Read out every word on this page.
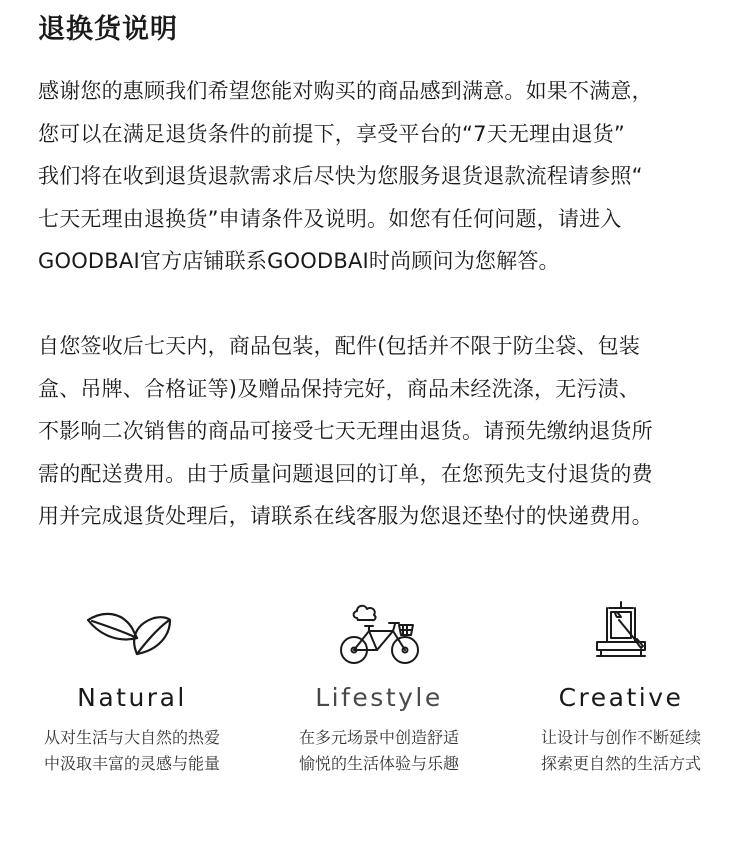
退换货说明
感谢您的惠顾我们希望您能对购买的商品感到满意。如果不满意，
您可以在满足退货条件的前提下，享受平台的“7天无理由退货”
我们将在收到退货退款需求后尽快为您服务退货退款流程请参照“
七天无理由退换货”申请条件及说明。如您有任何问题，请进入
GOODBAI官方店铺联系GOODBAI时尚顾问为您解答。
自您签收后七天内，商品包装，配件(包括并不限于防尘袋、包装
盒、吊牌、合格证等)及赠品保持完好，商品未经洗涤，无污渍、
不影响二次销售的商品可接受七天无理由退货。请预先缴纳退货所
需的配送费用。由于质量问题退回的订单，在您预先支付退货的费
用并完成退货处理后，请联系在线客服为您退还垫付的快递费用。
Natural
从对生活与大自然的热爱
中汲取丰富的灵感与能量
Lifestyle
在多元场景中创造舒适
愉悦的生活体验与乐趣
Creative
让设计与创作不断延续
探索更自然的生活方式
